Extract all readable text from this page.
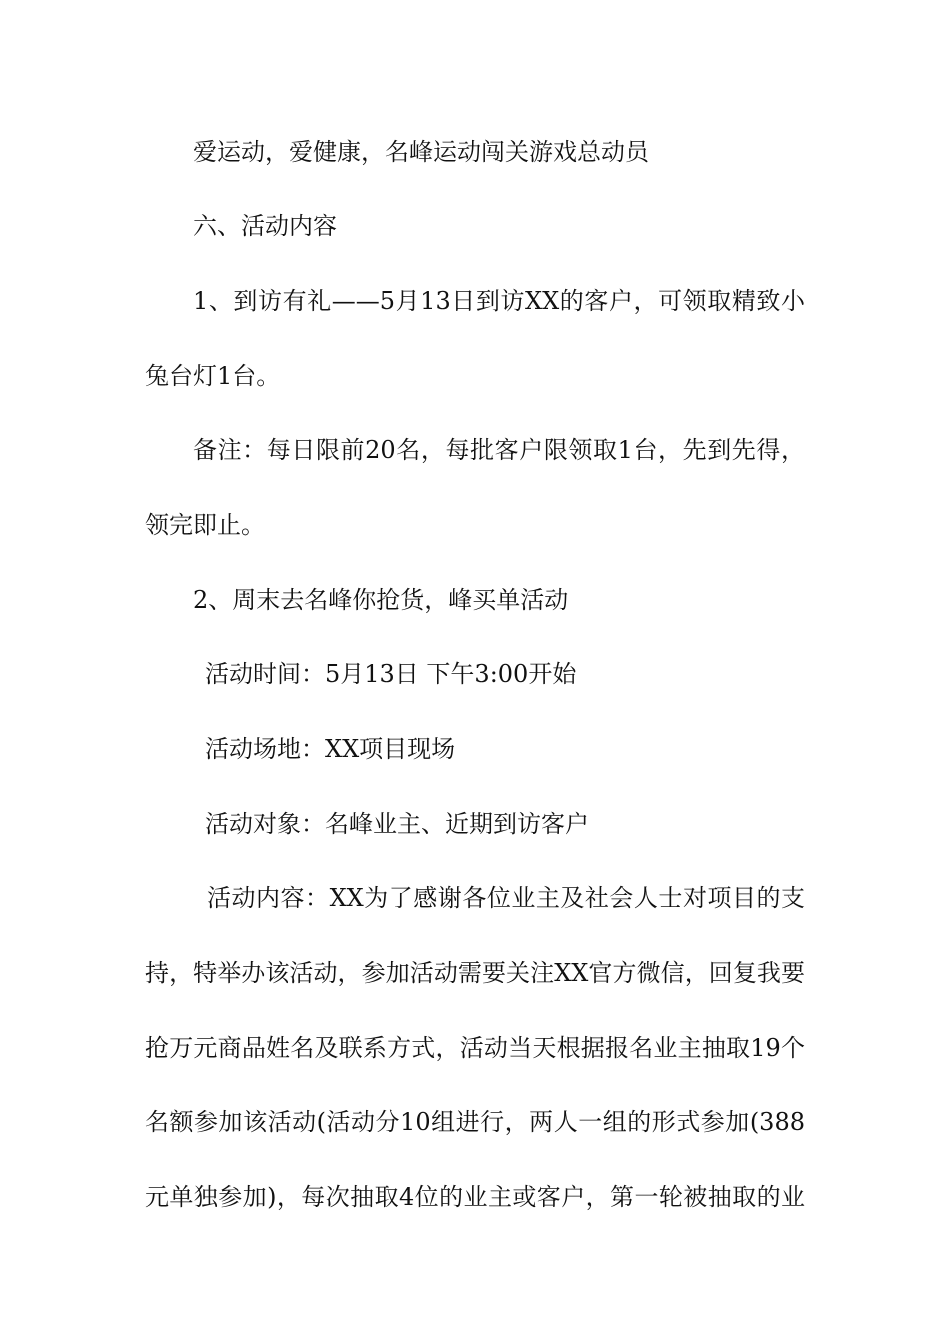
爱运动，爱健康，名峰运动闯关游戏总动员
六、活动内容
1、到访有礼——5月13日到访XX的客户，可领取精致小
兔台灯1台。
备注：每日限前20名，每批客户限领取1台，先到先得，
领完即止。
2、周末去名峰你抢货，峰买单活动
活动时间：5月13日 下午3:00开始
活动场地：XX项目现场
活动对象：名峰业主、近期到访客户
活动内容：XX为了感谢各位业主及社会人士对项目的支
持，特举办该活动，参加活动需要关注XX官方微信，回复我要
抢万元商品姓名及联系方式，活动当天根据报名业主抽取19个
名额参加该活动(活动分10组进行，两人一组的形式参加(388
元单独参加)，每次抽取4位的业主或客户，第一轮被抽取的业
